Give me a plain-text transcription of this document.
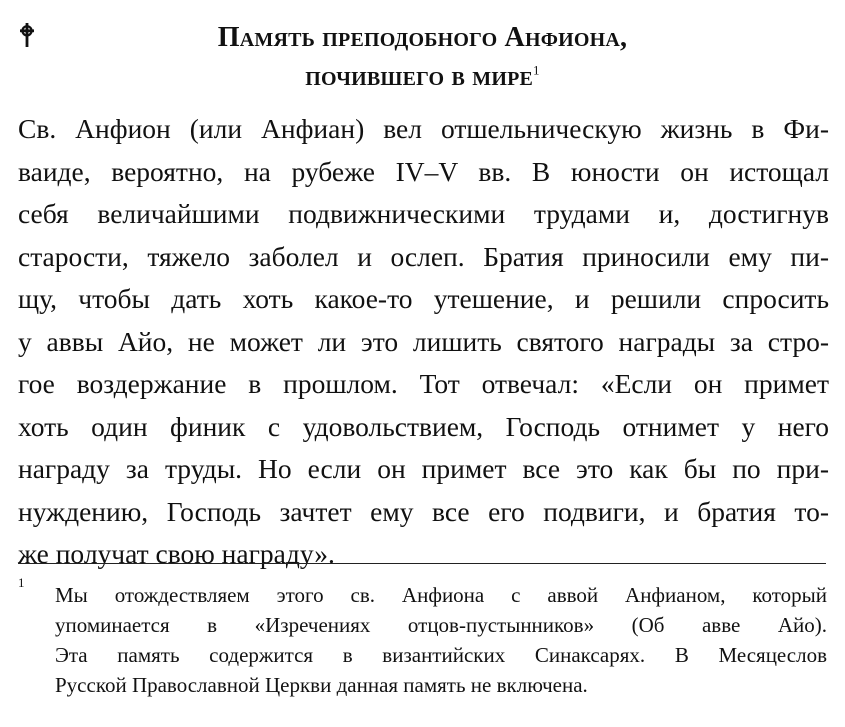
Память преподобного Анфиона,
почившего в мире$^1$
Св. Анфион (или Анфиан) вел отшельническую жизнь в Фи-
ваиде, вероятно, на рубеже IV–V вв. В юности он истощал
себя величайшими подвижническими трудами и, достигнув
старости, тяжело заболел и ослеп. Братия приносили ему пи-
щу, чтобы дать хоть какое-то утешение, и решили спросить
у аввы Айо, не может ли это лишить святого награды за стро-
гое воздержание в прошлом. Тот отвечал: «Если он примет
хоть один финик с удовольствием, Господь отнимет у него
награду за труды. Но если он примет все это как бы по при-
нуждению, Господь зачтет ему все его подвиги, и братия то-
же получат свою награду».
1
Мы отождествляем этого св. Анфиона с аввой Анфианом, который
упоминается в «Изречениях отцов-пустынников» (Об авве Айо).
Эта память содержится в византийских Синаксарях. В Месяцеслов
Русской Православной Церкви данная память не включена.
